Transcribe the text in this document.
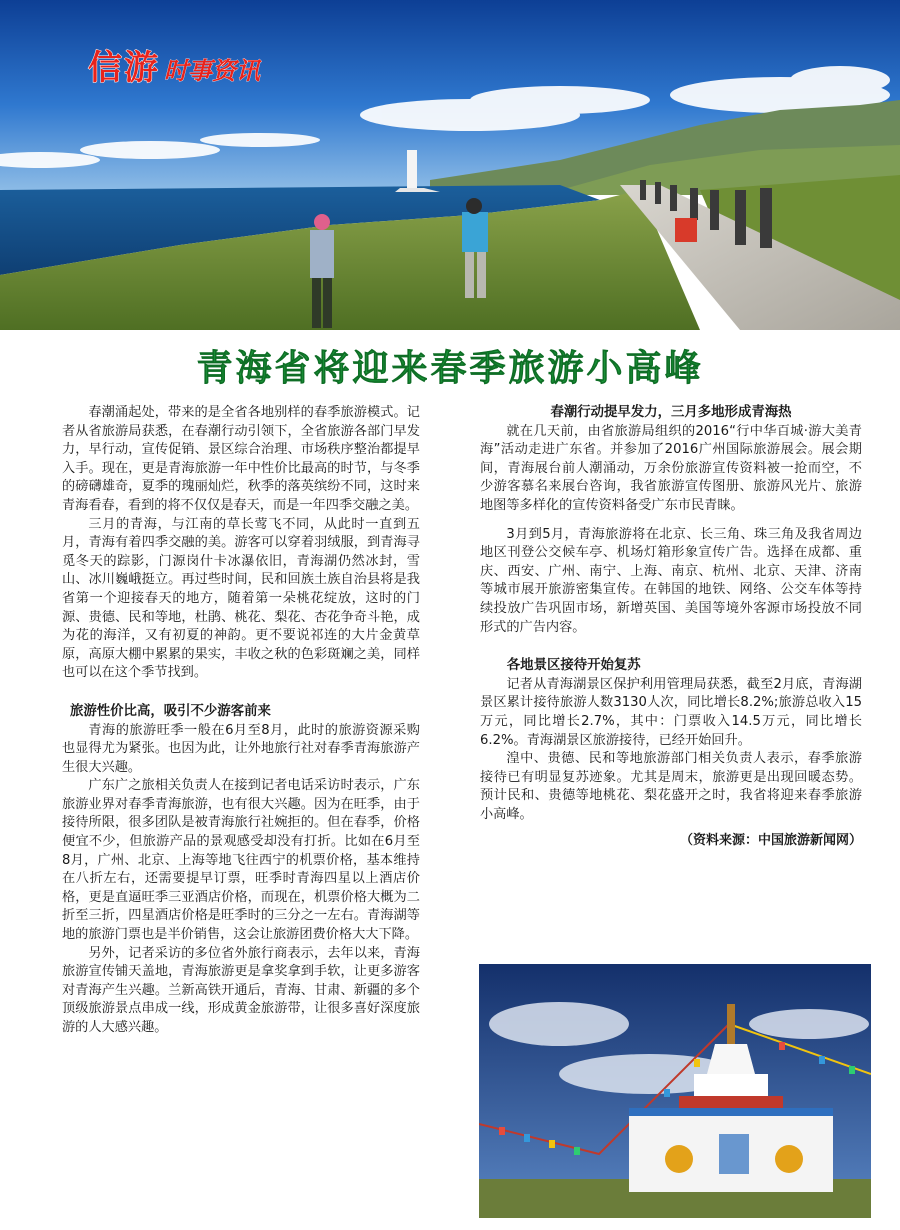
信游 时事资讯
青海省将迎来春季旅游小高峰

春潮涌起处，带来的是全省各地别样的春季旅游模式。记者从省旅游局获悉，在春潮行动引领下，全省旅游各部门早发力，早行动，宣传促销、景区综合治理、市场秩序整治都提早入手。现在，更是青海旅游一年中性价比最高的时节，与冬季的磅礴雄奇，夏季的瑰丽灿烂，秋季的落英缤纷不同，这时来青海看春，看到的将不仅仅是春天，而是一年四季交融之美。

三月的青海，与江南的草长莺飞不同，从此时一直到五月，青海有着四季交融的美。游客可以穿着羽绒服，到青海寻觅冬天的踪影，门源岗什卡冰瀑依旧，青海湖仍然冰封，雪山、冰川巍峨挺立。再过些时间，民和回族土族自治县将是我省第一个迎接春天的地方，随着第一朵桃花绽放，这时的门源、贵德、民和等地，杜鹃、桃花、梨花、杏花争奇斗艳，成为花的海洋，又有初夏的神韵。更不要说祁连的大片金黄草原，高原大棚中累累的果实，丰收之秋的色彩斑斓之美，同样也可以在这个季节找到。

旅游性价比高，吸引不少游客前来

青海的旅游旺季一般在6月至8月，此时的旅游资源采购也显得尤为紧张。也因为此，让外地旅行社对春季青海旅游产生很大兴趣。

广东广之旅相关负责人在接到记者电话采访时表示，广东旅游业界对春季青海旅游，也有很大兴趣。因为在旺季，由于接待所限，很多团队是被青海旅行社婉拒的。但在春季，价格便宜不少，但旅游产品的景观感受却没有打折。比如在6月至8月，广州、北京、上海等地飞往西宁的机票价格，基本维持在八折左右，还需要提早订票，旺季时青海四星以上酒店价格，更是直逼旺季三亚酒店价格，而现在，机票价格大概为二折至三折，四星酒店价格是旺季时的三分之一左右。青海湖等地的旅游门票也是半价销售，这会让旅游团费价格大大下降。

另外，记者采访的多位省外旅行商表示，去年以来，青海旅游宣传铺天盖地，青海旅游更是拿奖拿到手软，让更多游客对青海产生兴趣。兰新高铁开通后，青海、甘肃、新疆的多个顶级旅游景点串成一线，形成黄金旅游带，让很多喜好深度旅游的人大感兴趣。

春潮行动提早发力，三月多地形成青海热

就在几天前，由省旅游局组织的2016“行中华百城·游大美青海”活动走进广东省。并参加了2016广州国际旅游展会。展会期间，青海展台前人潮涌动，万余份旅游宣传资料被一抢而空，不少游客慕名来展台咨询，我省旅游宣传图册、旅游风光片、旅游地图等多样化的宣传资料备受广东市民青睐。

3月到5月，青海旅游将在北京、长三角、珠三角及我省周边地区刊登公交候车亭、机场灯箱形象宣传广告。选择在成都、重庆、西安、广州、南宁、上海、南京、杭州、北京、天津、济南等城市展开旅游密集宣传。在韩国的地铁、网络、公交车体等持续投放广告巩固市场，新增英国、美国等境外客源市场投放不同形式的广告内容。

各地景区接待开始复苏

记者从青海湖景区保护利用管理局获悉，截至2月底，青海湖景区累计接待旅游人数3130人次，同比增长8.2%;旅游总收入15万元，同比增长2.7%，其中：门票收入14.5万元，同比增长6.2%。青海湖景区旅游接待，已经开始回升。

湟中、贵德、民和等地旅游部门相关负责人表示，春季旅游接待已有明显复苏迹象。尤其是周末，旅游更是出现回暖态势。预计民和、贵德等地桃花、梨花盛开之时，我省将迎来春季旅游小高峰。

（资料来源：中国旅游新闻网）
